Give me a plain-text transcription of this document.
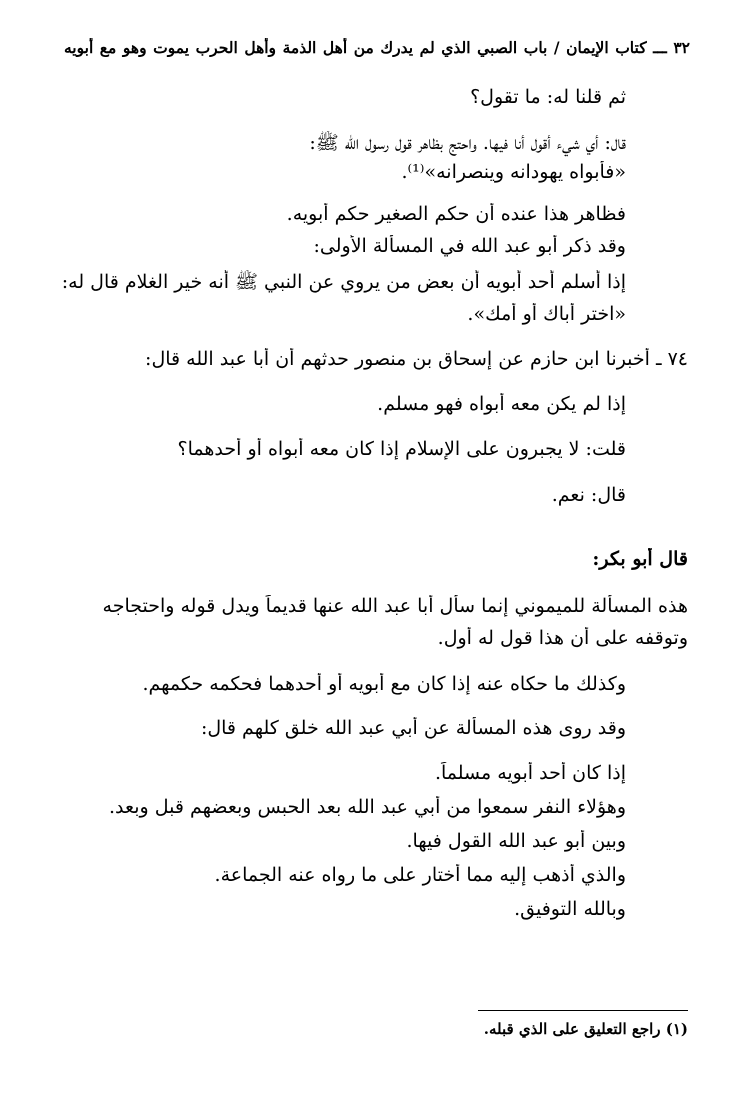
٣٢ ـــ كتاب الإيمان / باب الصبي الذي لم يدرك من أهل الذمة وأهل الحرب يموت وهو مع أبويه
ثم قلنا له: ما تقول؟
قال: أي شيء أقول أنا فيها. واحتج بظاهر قول رسول الله ﷺ:
«فأبواه يهودانه وينصرانه»⁽¹⁾.
فظاهر هذا عنده أن حكم الصغير حكم أبويه.
وقد ذكر أبو عبد الله في المسألة الأولى:
إذا أسلم أحد أبويه أن بعض من يروي عن النبي ﷺ أنه خير الغلام قال له:
«اختر أباك أو أمك».
٧٤ ـ أخبرنا ابن حازم عن إسحاق بن منصور حدثهم أن أبا عبد الله قال:
إذا لم يكن معه أبواه فهو مسلم.
قلت: لا يجبرون على الإسلام إذا كان معه أبواه أو أحدهما؟
قال: نعم.
قال أبو بكر:
هذه المسألة للميموني إنما سأل أبا عبد الله عنها قديماً ويدل قوله واحتجاجه
وتوقفه على أن هذا قول له أول.
وكذلك ما حكاه عنه إذا كان مع أبويه أو أحدهما فحكمه حكمهم.
وقد روى هذه المسألة عن أبي عبد الله خلق كلهم قال:
إذا كان أحد أبويه مسلماً.
وهؤلاء النفر سمعوا من أبي عبد الله بعد الحبس وبعضهم قبل وبعد.
وبين أبو عبد الله القول فيها.
والذي أذهب إليه مما أختار على ما رواه عنه الجماعة.
وبالله التوفيق.
(١) راجع التعليق على الذي قبله.
